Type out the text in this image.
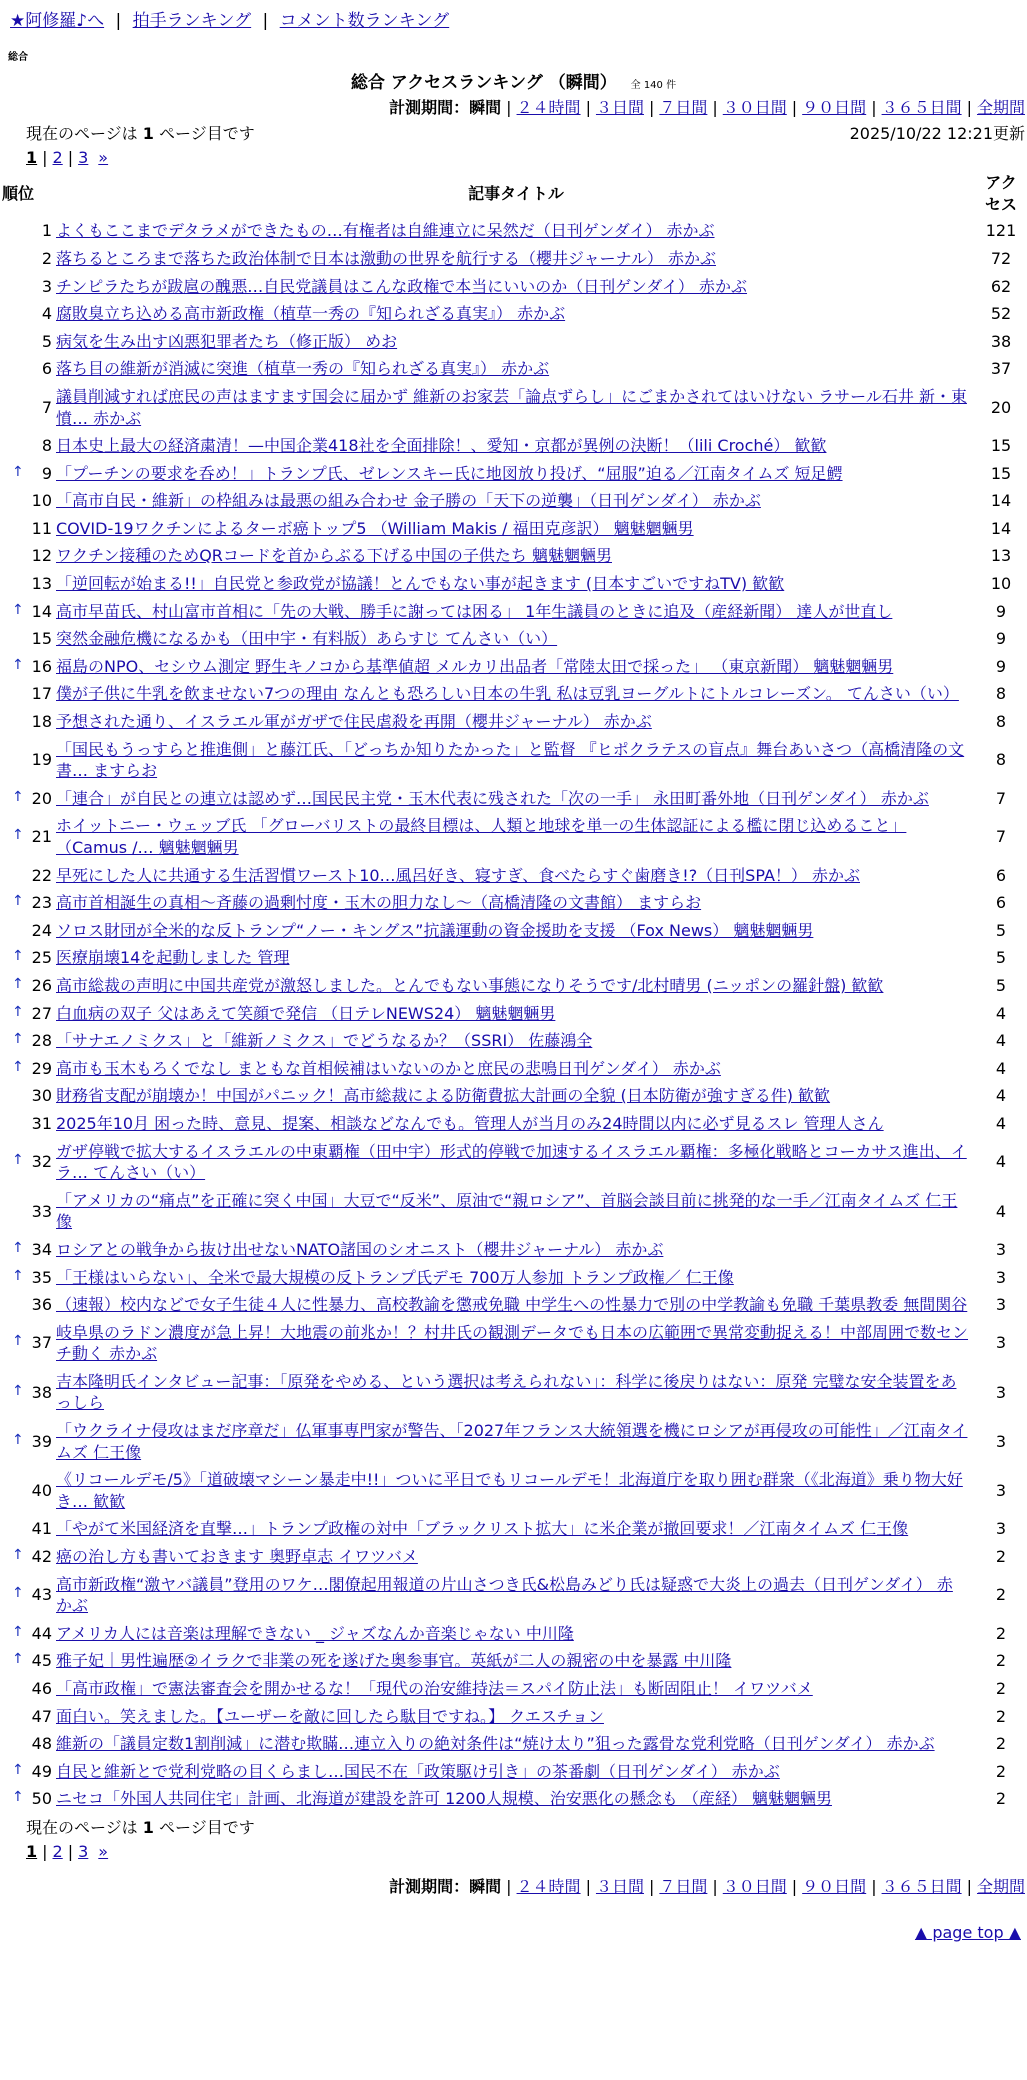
★阿修羅♪へ | 拍手ランキング | コメント数ランキング
総合
総合 アクセスランキング （瞬間） 全 140 件
計測期間：瞬間 | ２４時間 | ３日間 | ７日間 | ３０日間 | ９０日間 | ３６５日間 | 全期間
現在のページは 1 ページ目です	2025/10/22 12:21更新
1 | 2 | 3 »
順位	記事タイトル	アクセス
1	よくもここまでデタラメができたもの…有権者は自維連立に呆然だ（日刊ゲンダイ） 赤かぶ	121
2	落ちるところまで落ちた政治体制で日本は激動の世界を航行する（櫻井ジャーナル） 赤かぶ	72
3	チンピラたちが跋扈の醜悪…自民党議員はこんな政権で本当にいいのか（日刊ゲンダイ） 赤かぶ	62
4	腐敗臭立ち込める高市新政権（植草一秀の『知られざる真実』） 赤かぶ	52
5	病気を生み出す凶悪犯罪者たち（修正版） めお	38
6	落ち目の維新が消滅に突進（植草一秀の『知られざる真実』） 赤かぶ	37
7	議員削減すれば庶民の声はますます国会に届かず 維新のお家芸「論点ずらし」にごまかされてはいけない ラサール石井 新・東憤… 赤かぶ	20
8	日本史上最大の経済粛清！—中国企業418社を全面排除！、愛知・京都が異例の決断！（lili Croché） 歓歓	15

↑ 9	「プーチンの要求を呑め！」トランプ氏、ゼレンスキー氏に地図放り投げ、“屈服”迫る／江南タイムズ 短足鰐	15
10	「高市自民・維新」の枠組みは最悪の組み合わせ 金子勝の「天下の逆襲」（日刊ゲンダイ） 赤かぶ	14
11	COVID-19ワクチンによるターボ癌トップ5 （William Makis / 福田克彦訳） 魑魅魍魎男	14
12	ワクチン接種のためQRコードを首からぶる下げる中国の子供たち 魑魅魍魎男	13
13	「逆回転が始まる!!」自民党と参政党が協議！とんでもない事が起きます (日本すごいですねTV) 歓歓	10

↑ 14	高市早苗氏、村山富市首相に「先の大戦、勝手に謝っては困る」 1年生議員のときに追及（産経新聞） 達人が世直し	9
15	突然金融危機になるかも（田中宇・有料版）あらすじ てんさい（い）	9

↑ 16	福島のNPO、セシウム測定 野生キノコから基準値超 メルカリ出品者「常陸太田で採った」 （東京新聞） 魑魅魍魎男	9
17	僕が子供に牛乳を飲ませない7つの理由 なんとも恐ろしい日本の牛乳 私は豆乳ヨーグルトにトルコレーズン。 てんさい（い）	8
18	予想された通り、イスラエル軍がガザで住民虐殺を再開（櫻井ジャーナル） 赤かぶ	8
19	「国民もうっすらと推進側」と藤江氏、「どっちか知りたかった」と監督 『ヒポクラテスの盲点』舞台あいさつ（高橋清隆の文書… ますらお	8

↑ 20	「連合」が自民との連立は認めず…国民民主党・玉木代表に残された「次の一手」 永田町番外地（日刊ゲンダイ） 赤かぶ	7

↑ 21	ホイットニー・ウェッブ氏 「グローバリストの最終目標は、人類と地球を単一の生体認証による檻に閉じ込めること」（Camus /… 魑魅魍魎男	7
22	早死にした人に共通する生活習慣ワースト10…風呂好き、寝すぎ、食べたらすぐ歯磨き!?（日刊SPA！） 赤かぶ	6

↑ 23	高市首相誕生の真相〜斉藤の過剰忖度・玉木の胆力なし〜（高橋清隆の文書館） ますらお	6
24	ソロス財団が全米的な反トランプ“ノー・キングス”抗議運動の資金援助を支援 （Fox News） 魑魅魍魎男	5

↑ 25	医療崩壊14を起動しました 管理	5

↑ 26	高市総裁の声明に中国共産党が激怒しました。とんでもない事態になりそうです/北村晴男 (ニッポンの羅針盤) 歓歓	5

↑ 27	白血病の双子 父はあえて笑顔で発信 （日テレNEWS24） 魑魅魍魎男	4

↑ 28	「サナエノミクス」と「維新ノミクス」でどうなるか？（SSRI） 佐藤鴻全	4

↑ 29	高市も玉木もろくでなし まともな首相候補はいないのかと庶民の悲鳴日刊ゲンダイ） 赤かぶ	4
30	財務省支配が崩壊か！中国がパニック！高市総裁による防衛費拡大計画の全貌 (日本防衛が強すぎる件) 歓歓	4
31	2025年10月 困った時、意見、提案、相談などなんでも。管理人が当月のみ24時間以内に必ず見るスレ 管理人さん	4

↑ 32	ガザ停戦で拡大するイスラエルの中東覇権（田中宇）形式的停戦で加速するイスラエル覇権：多極化戦略とコーカサス進出、イラ… てんさい（い）	4
33	「アメリカの“痛点”を正確に突く中国」大豆で“反米”、原油で“親ロシア”、首脳会談目前に挑発的な一手／江南タイムズ 仁王像	4

↑ 34	ロシアとの戦争から抜け出せないNATO諸国のシオニスト（櫻井ジャーナル） 赤かぶ	3

↑ 35	「王様はいらない」、全米で最大規模の反トランプ氏デモ 700万人参加 トランプ政権／ 仁王像	3
36	（速報）校内などで女子生徒４人に性暴力、高校教諭を懲戒免職 中学生への性暴力で別の中学教諭も免職 千葉県教委 無間関谷	3

↑ 37	岐阜県のラドン濃度が急上昇！大地震の前兆か！？村井氏の観測データでも日本の広範囲で異常変動捉える！中部周囲で数センチ動く 赤かぶ	3

↑ 38	吉本隆明氏インタビュー記事：「原発をやめる、という選択は考えられない」：科学に後戻りはない：原発 完璧な安全装置をあっしら	3

↑ 39	「ウクライナ侵攻はまだ序章だ」仏軍事専門家が警告、「2027年フランス大統領選を機にロシアが再侵攻の可能性」／江南タイムズ 仁王像	3
40	《リコールデモ/5》「道破壊マシーン暴走中!!」ついに平日でもリコールデモ！北海道庁を取り囲む群衆（《北海道》乗り物大好き… 歓歓	3
41	「やがて米国経済を直撃…」トランプ政権の対中「ブラックリスト拡大」に米企業が撤回要求！／江南タイムズ 仁王像	3

↑ 42	癌の治し方も書いておきます 奥野卓志 イワツバメ	2

↑ 43	高市新政権“激ヤバ議員”登用のワケ…閣僚起用報道の片山さつき氏&松島みどり氏は疑惑で大炎上の過去（日刊ゲンダイ） 赤かぶ	2

↑ 44	アメリカ人には音楽は理解できない _ ジャズなんか音楽じゃない 中川隆	2

↑ 45	雅子妃｜男性遍歴②イラクで非業の死を遂げた奥参事官。英紙が二人の親密の中を暴露 中川隆	2
46	「高市政権」で憲法審査会を開かせるな！「現代の治安維持法＝スパイ防止法」も断固阻止！ イワツバメ	2
47	面白い。笑えました。【ユーザーを敵に回したら駄目ですね。】 クエスチョン	2
48	維新の「議員定数1割削減」に潜む欺瞞…連立入りの絶対条件は“焼け太り”狙った露骨な党利党略（日刊ゲンダイ） 赤かぶ	2

↑ 49	自民と維新とで党利党略の目くらまし…国民不在「政策駆け引き」の茶番劇（日刊ゲンダイ） 赤かぶ	2

↑ 50	ニセコ「外国人共同住宅」計画、北海道が建設を許可 1200人規模、治安悪化の懸念も （産経） 魑魅魍魎男	2
現在のページは 1 ページ目です
1 | 2 | 3 »
計測期間：瞬間 | ２４時間 | ３日間 | ７日間 | ３０日間 | ９０日間 | ３６５日間 | 全期間
▲ page top ▲
